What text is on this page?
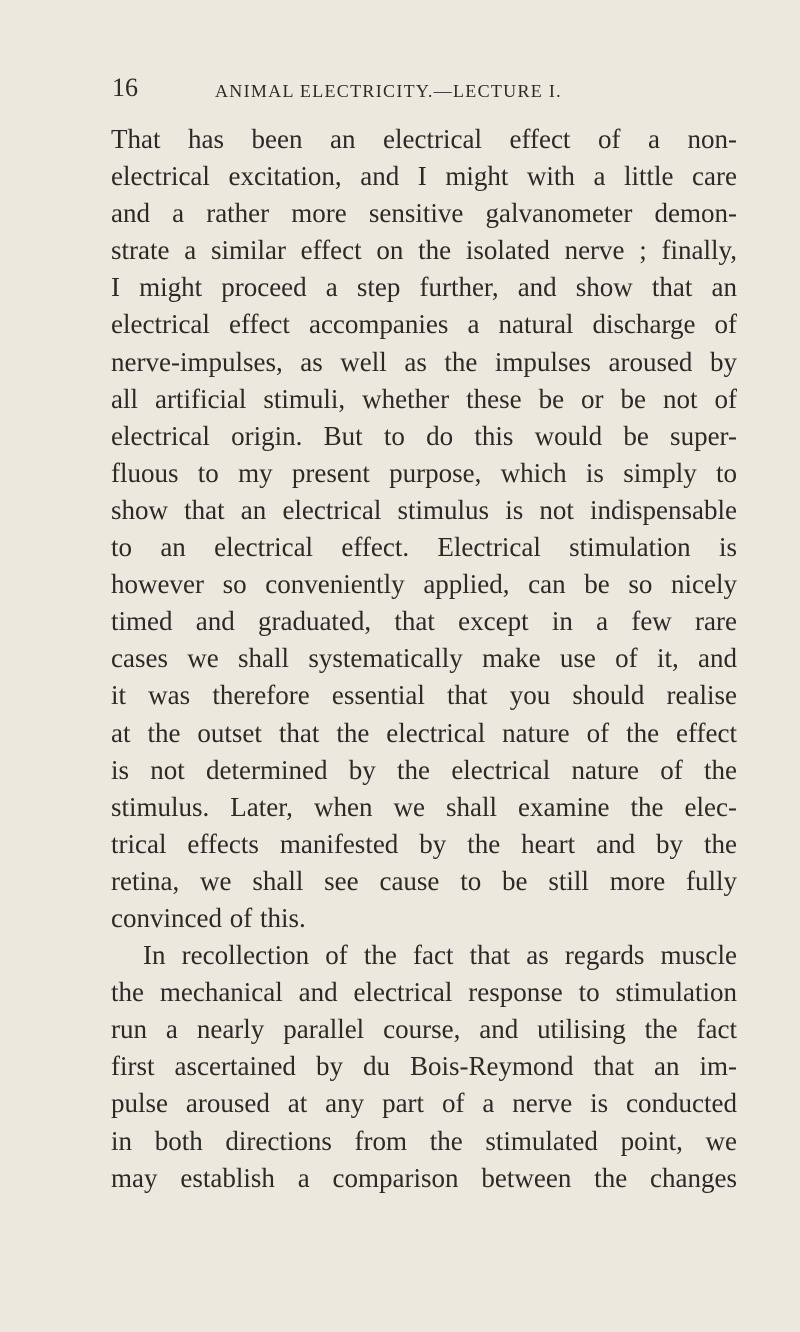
16	ANIMAL ELECTRICITY.—LECTURE I.
That has been an electrical effect of a non-
electrical excitation, and I might with a little care
and a rather more sensitive galvanometer demon-
strate a similar effect on the isolated nerve ; finally,
I might proceed a step further, and show that an
electrical effect accompanies a natural discharge of
nerve-impulses, as well as the impulses aroused by
all artificial stimuli, whether these be or be not of
electrical origin. But to do this would be super-
fluous to my present purpose, which is simply to
show that an electrical stimulus is not indispensable
to an electrical effect. Electrical stimulation is
however so conveniently applied, can be so nicely
timed and graduated, that except in a few rare
cases we shall systematically make use of it, and
it was therefore essential that you should realise
at the outset that the electrical nature of the effect
is not determined by the electrical nature of the
stimulus. Later, when we shall examine the elec-
trical effects manifested by the heart and by the
retina, we shall see cause to be still more fully
convinced of this.
In recollection of the fact that as regards muscle
the mechanical and electrical response to stimulation
run a nearly parallel course, and utilising the fact
first ascertained by du Bois-Reymond that an im-
pulse aroused at any part of a nerve is conducted
in both directions from the stimulated point, we
may establish a comparison between the changes
